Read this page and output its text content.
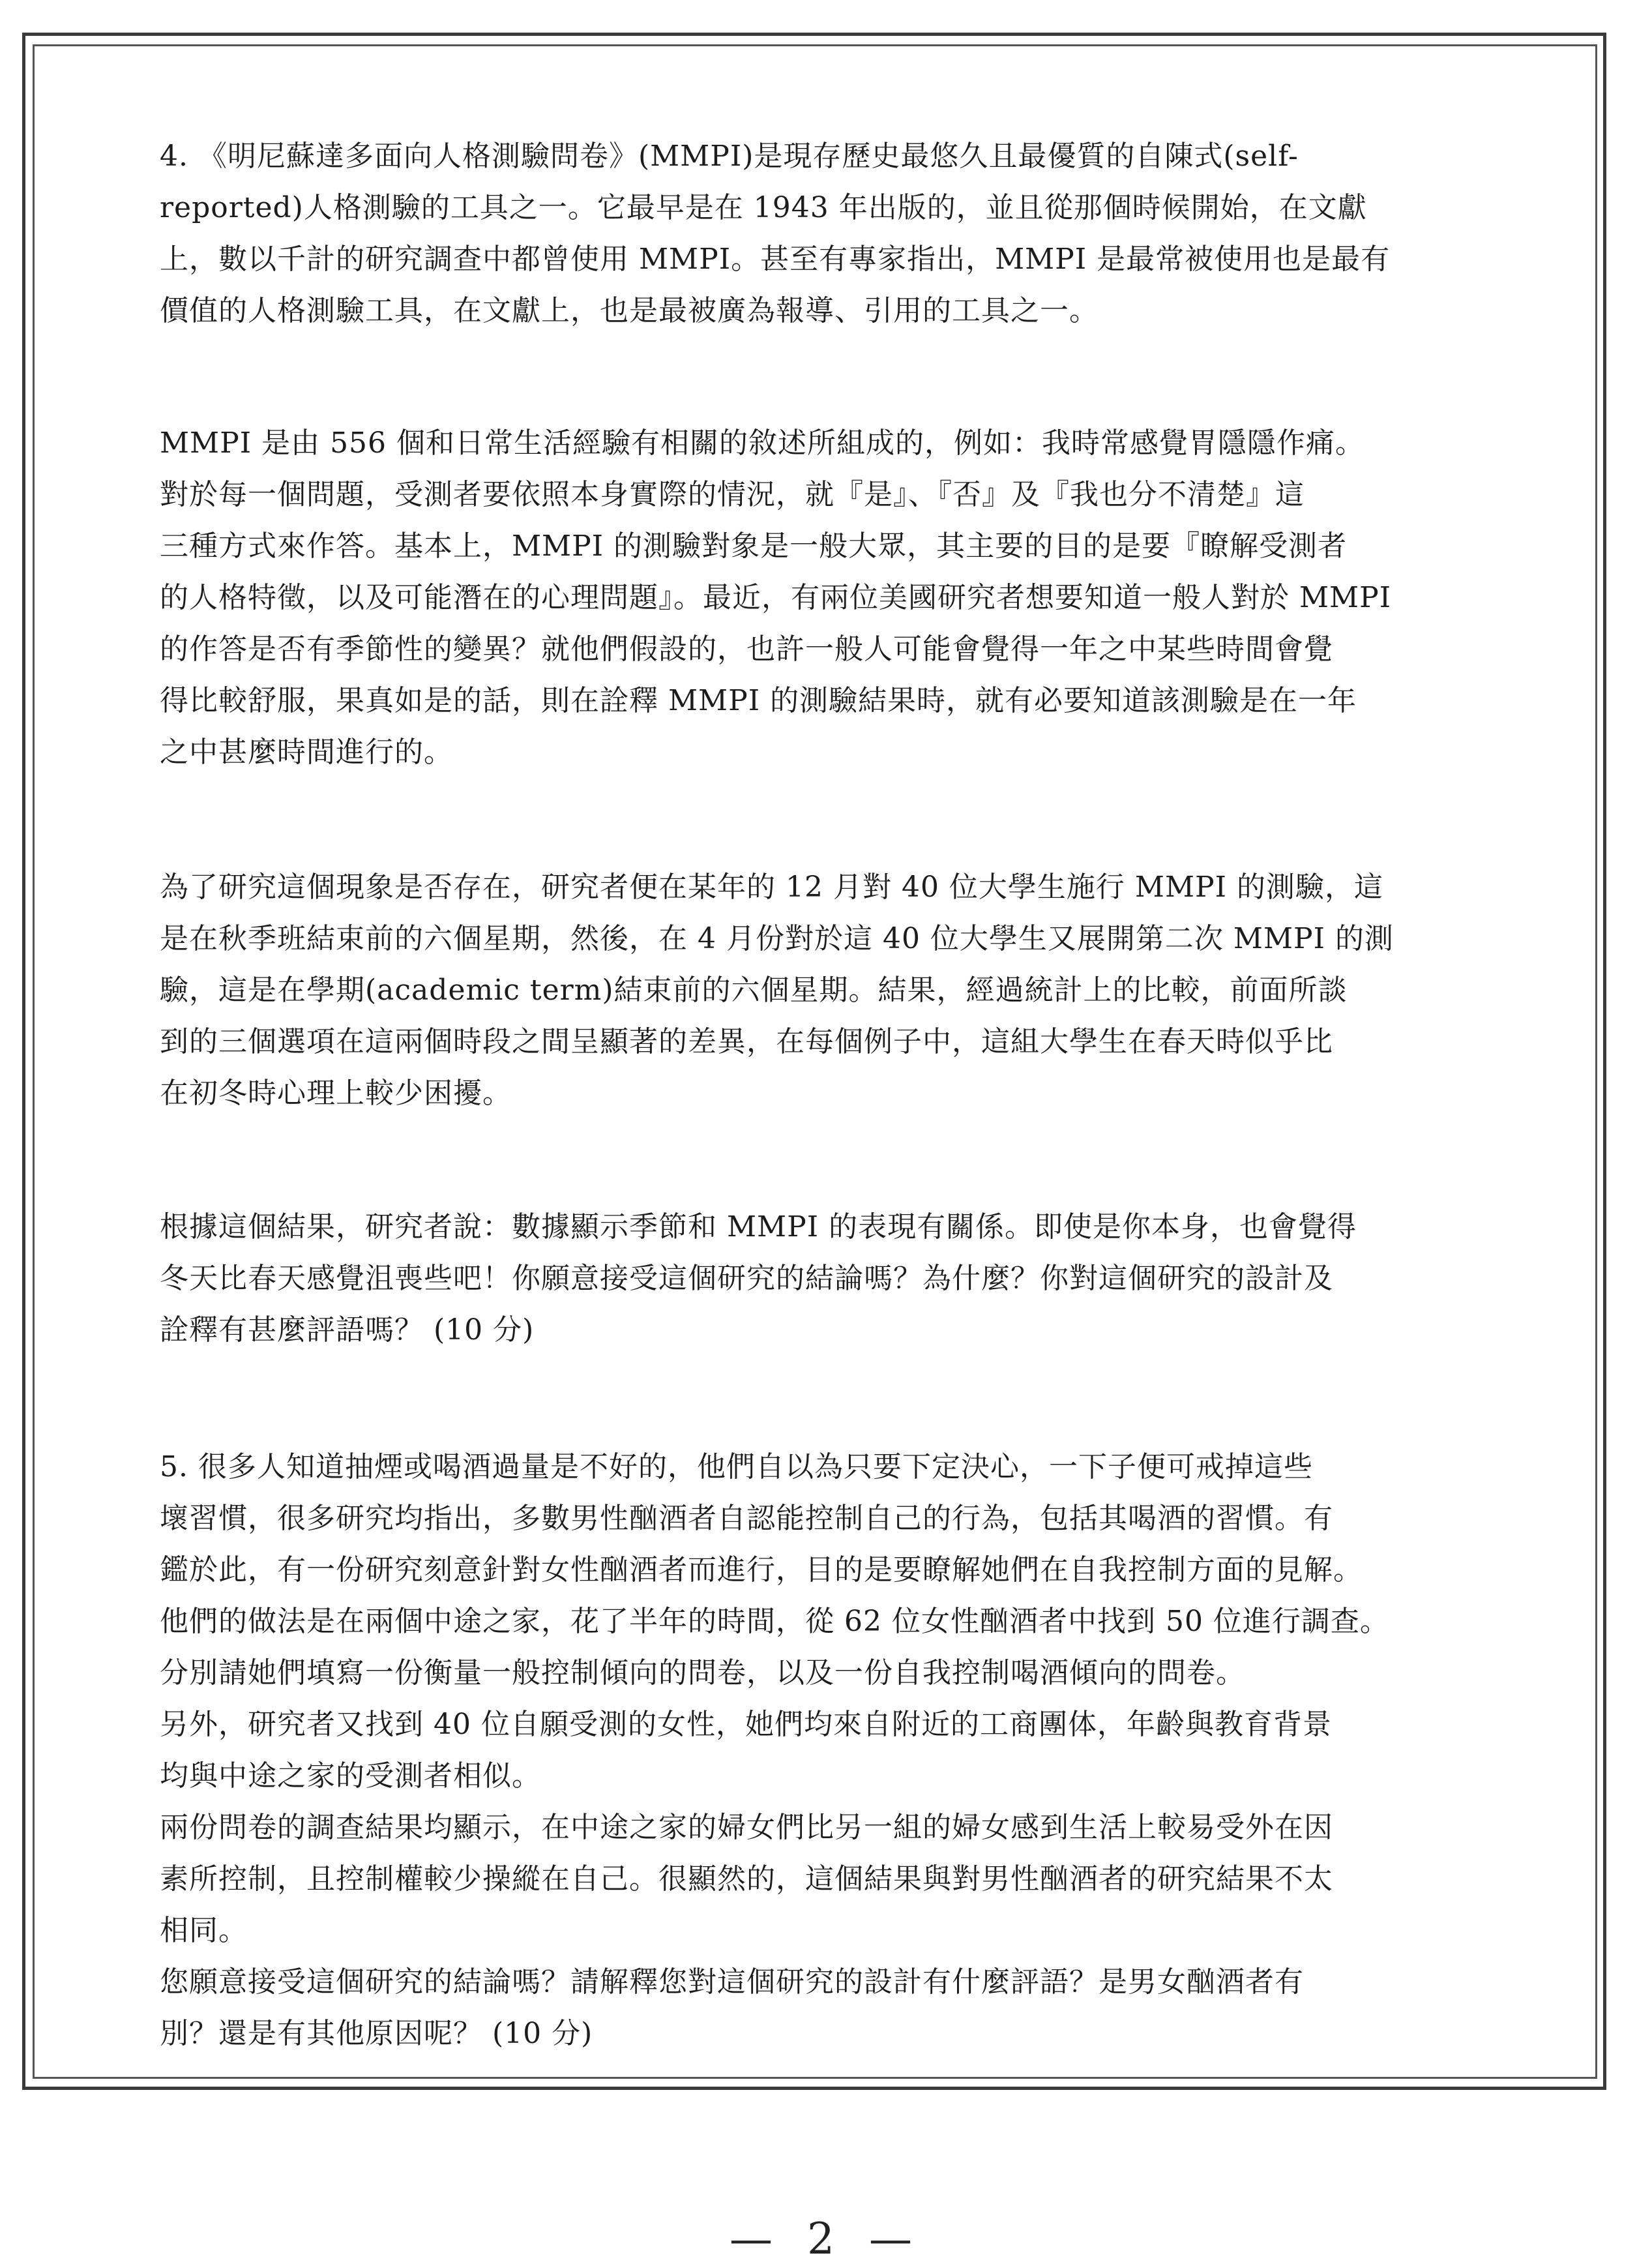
4. 《明尼蘇達多面向人格測驗問卷》(MMPI)是現存歷史最悠久且最優質的自陳式(self-
reported)人格測驗的工具之一。它最早是在 1943 年出版的，並且從那個時候開始，在文獻
上，數以千計的研究調查中都曾使用 MMPI。甚至有專家指出，MMPI 是最常被使用也是最有
價值的人格測驗工具，在文獻上，也是最被廣為報導、引用的工具之一。
MMPI 是由 556 個和日常生活經驗有相關的敘述所組成的，例如：我時常感覺胃隱隱作痛。
對於每一個問題，受測者要依照本身實際的情況，就『是』、『否』及『我也分不清楚』這
三種方式來作答。基本上，MMPI 的測驗對象是一般大眾，其主要的目的是要『瞭解受測者
的人格特徵，以及可能潛在的心理問題』。最近，有兩位美國研究者想要知道一般人對於 MMPI
的作答是否有季節性的變異？就他們假設的，也許一般人可能會覺得一年之中某些時間會覺
得比較舒服，果真如是的話，則在詮釋 MMPI 的測驗結果時，就有必要知道該測驗是在一年
之中甚麼時間進行的。
為了研究這個現象是否存在，研究者便在某年的 12 月對 40 位大學生施行 MMPI 的測驗，這
是在秋季班結束前的六個星期，然後，在 4 月份對於這 40 位大學生又展開第二次 MMPI 的測
驗，這是在學期(academic term)結束前的六個星期。結果，經過統計上的比較，前面所談
到的三個選項在這兩個時段之間呈顯著的差異，在每個例子中，這組大學生在春天時似乎比
在初冬時心理上較少困擾。
根據這個結果，研究者說：數據顯示季節和 MMPI 的表現有關係。即使是你本身，也會覺得
冬天比春天感覺沮喪些吧！你願意接受這個研究的結論嗎？為什麼？你對這個研究的設計及
詮釋有甚麼評語嗎？ (10 分)
5. 很多人知道抽煙或喝酒過量是不好的，他們自以為只要下定決心，一下子便可戒掉這些
壞習慣，很多研究均指出，多數男性酗酒者自認能控制自己的行為，包括其喝酒的習慣。有
鑑於此，有一份研究刻意針對女性酗酒者而進行，目的是要瞭解她們在自我控制方面的見解。
他們的做法是在兩個中途之家，花了半年的時間，從 62 位女性酗酒者中找到 50 位進行調查。
分別請她們填寫一份衡量一般控制傾向的問卷，以及一份自我控制喝酒傾向的問卷。
另外，研究者又找到 40 位自願受測的女性，她們均來自附近的工商團体，年齡與教育背景
均與中途之家的受測者相似。
兩份問卷的調查結果均顯示，在中途之家的婦女們比另一組的婦女感到生活上較易受外在因
素所控制，且控制權較少操縱在自己。很顯然的，這個結果與對男性酗酒者的研究結果不太
相同。
您願意接受這個研究的結論嗎？請解釋您對這個研究的設計有什麼評語？是男女酗酒者有
別？還是有其他原因呢？ (10 分)
— 2 —
